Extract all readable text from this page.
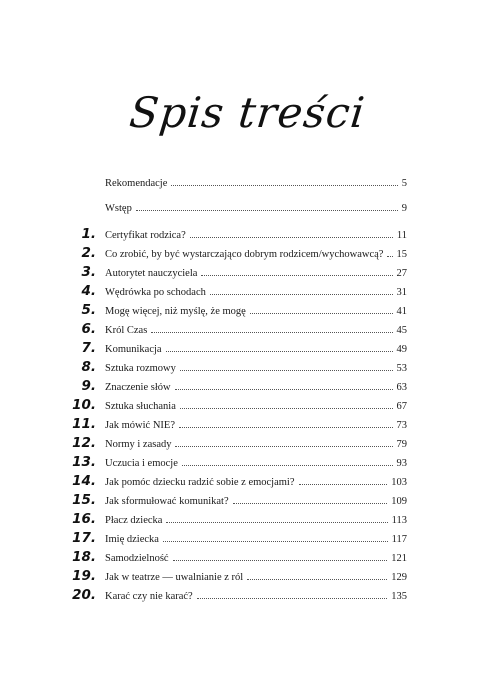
Spis treści
Rekomendacje	5
Wstęp	9
1. Certyfikat rodzica?	11
2. Co zrobić, by być wystarczająco dobrym rodzicem/wychowawcą? 15
3. Autorytet nauczyciela	27
4. Wędrówka po schodach	31
5. Mogę więcej, niż myślę, że mogę	41
6. Król Czas	45
7. Komunikacja	49
8. Sztuka rozmowy	53
9. Znaczenie słów	63
10. Sztuka słuchania	67
11. Jak mówić NIE?	73
12. Normy i zasady	79
13. Uczucia i emocje	93
14. Jak pomóc dziecku radzić sobie z emocjami?	103
15. Jak sformułować komunikat?	109
16. Płacz dziecka	113
17. Imię dziecka	117
18. Samodzielność	121
19. Jak w teatrze — uwalnianie z ról	129
20. Karać czy nie karać?	135
